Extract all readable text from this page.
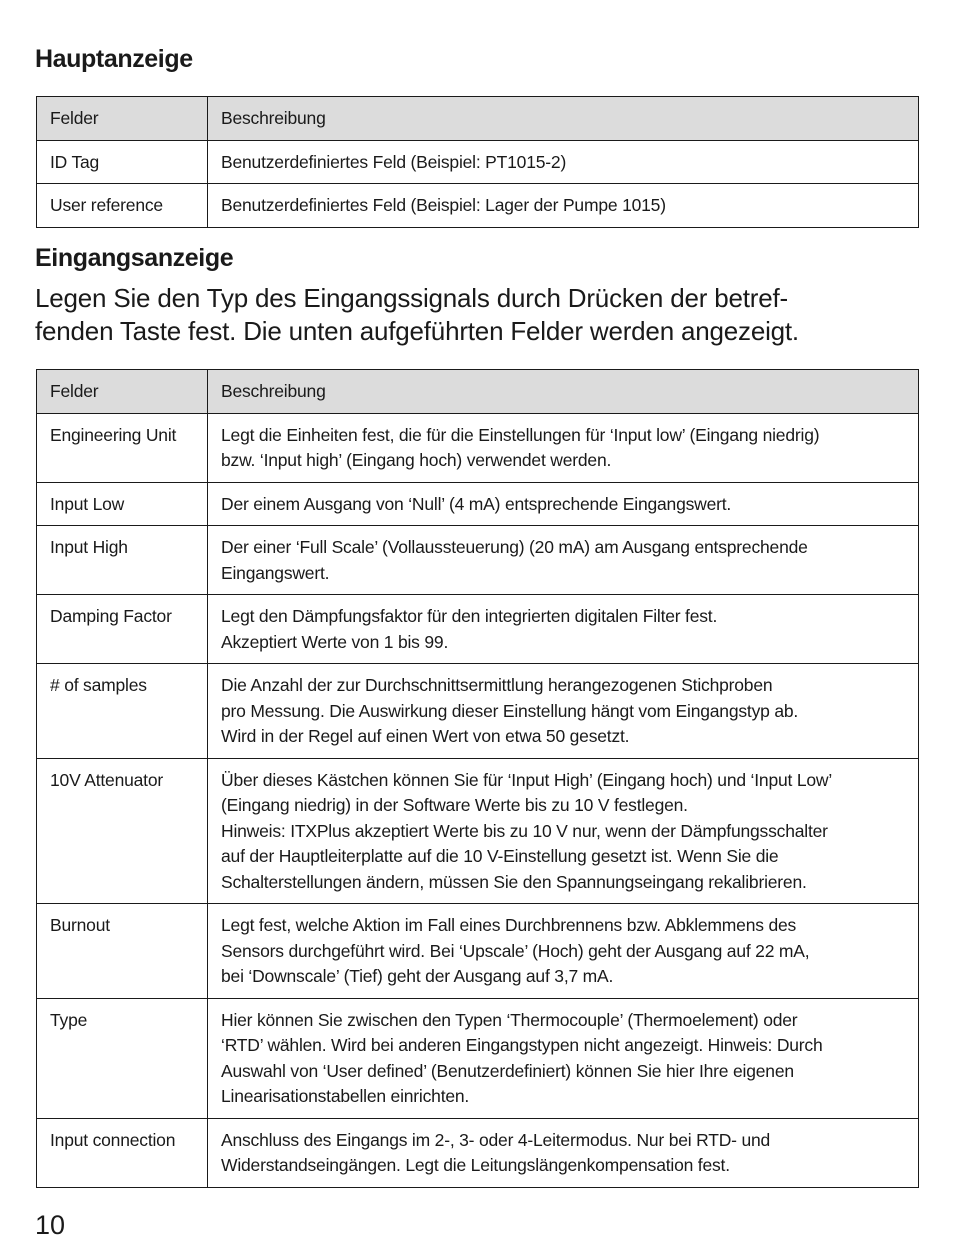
Hauptanzeige
Felder	Beschreibung
ID Tag	Benutzerdefiniertes Feld (Beispiel: PT1015-2)

User reference	Benutzerdefiniertes Feld (Beispiel: Lager der Pumpe 1015)
Eingangsanzeige

Legen Sie den Typ des Eingangssignals durch Drücken der betref-
fenden Taste fest. Die unten aufgeführten Felder werden angezeigt.

Felder	Beschreibung
Engineering Unit	Legt die Einheiten fest, die für die Einstellungen für ‘Input low’ (Eingang niedrig)
bzw. ‘Input high’ (Eingang hoch) verwendet werden.

Input Low	Der einem Ausgang von ‘Null’ (4 mA) entsprechende Eingangswert.

Input High	Der einer ‘Full Scale’ (Vollaussteuerung) (20 mA) am Ausgang entsprechende
Eingangswert.

Damping Factor	Legt den Dämpfungsfaktor für den integrierten digitalen Filter fest.
Akzeptiert Werte von 1 bis 99.

# of samples	Die Anzahl der zur Durchschnittsermittlung herangezogenen Stichproben
pro Messung. Die Auswirkung dieser Einstellung hängt vom Eingangstyp ab.
Wird in der Regel auf einen Wert von etwa 50 gesetzt.

10V Attenuator	Über dieses Kästchen können Sie für ‘Input High’ (Eingang hoch) und ‘Input Low’
(Eingang niedrig) in der Software Werte bis zu 10 V festlegen.
Hinweis: ITXPlus akzeptiert Werte bis zu 10 V nur, wenn der Dämpfungsschalter
auf der Hauptleiterplatte auf die 10 V-Einstellung gesetzt ist. Wenn Sie die
Schalterstellungen ändern, müssen Sie den Spannungseingang rekalibrieren.

Burnout	Legt fest, welche Aktion im Fall eines Durchbrennens bzw. Abklemmens des
Sensors durchgeführt wird. Bei ‘Upscale’ (Hoch) geht der Ausgang auf 22 mA,
bei ‘Downscale’ (Tief) geht der Ausgang auf 3,7 mA.

Type	Hier können Sie zwischen den Typen ‘Thermocouple’ (Thermoelement) oder
‘RTD’ wählen. Wird bei anderen Eingangstypen nicht angezeigt. Hinweis: Durch
Auswahl von ‘User defined’ (Benutzerdefiniert) können Sie hier Ihre eigenen
Linearisationstabellen einrichten.

Input connection	Anschluss des Eingangs im 2-, 3- oder 4-Leitermodus. Nur bei RTD- und
Widerstandseingängen. Legt die Leitungslängenkompensation fest.
10
